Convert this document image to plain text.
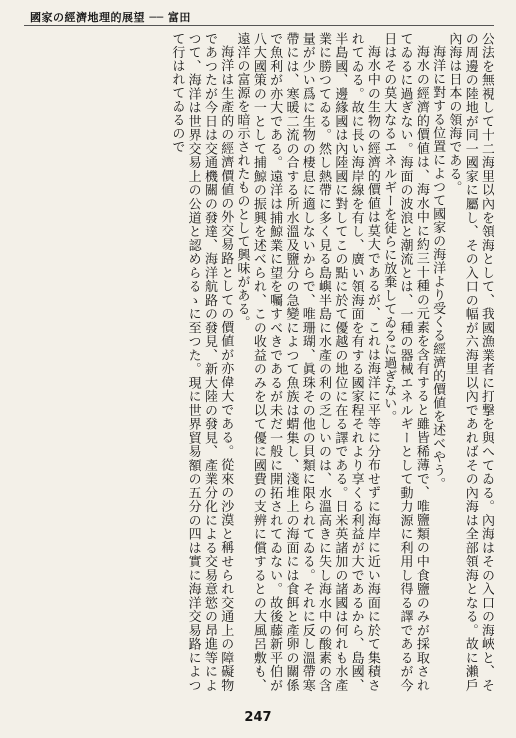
國家の經濟地理的展望 ── 富田

公法を無視して十二海里以內を領海として、我國漁業者に打撃を與へてゐる。內海はその入口の海峽と、その周邊の陸地が同一國家に屬し、その入口の幅が六海里以內であればその內海は全部領海となる。故に瀨戶內海は日本の領海である。

海洋に對する位置によつて國家の海洋より受くる經濟的價値を述べやう。

海水の經濟的價値は、海水中に約三十種の元素を含有すると雖皆稀薄で、唯鹽類の中食鹽のみが採取されてゐるに過ぎない。海面の波浪と潮流とは、一種の器械エネルギーとして動力源に利用し得る譯であるが今日はその莫大なるエネルギーを徒らに放棄してゐるに過ぎない。

海水中の生物の經濟的價値は莫大であるが、これは海洋に平等に分布せずに海岸に近い海面に於て集積されてゐる。故に長い海岸線を有し、廣い領海面を有する國家程それより享くる利益が大であるから、島國、半島國、邊緣國は內陸國に對してこの點に於て優越の地位に在る譯である。日米英諸加の諸國は何れも水產業に勝つてゐる。然し熱帶に多く見る島嶼半島に水產の利の乏しいのは、水溫高きに失し海水中の酸素の含量が少い爲に生物の棲息に適しないからで、唯珊瑚、眞珠その他の貝類に限られてゐる。それに反し溫帶寒帶には、寒暖二流の合する所水溫及鹽分の急變によつて魚族は蝟集し、淺堆上の海面には食餌と產卵の關係で魚利が亦大である。遠洋は捕鯨業に望を囑すべきであるが未だ一般に開拓されてゐない。故後藤新平伯が八大國策の一として捕鯨の振興を述べられ、この收益のみを以て優に國費の支辨に償するとの大風呂敷も、遠洋の富源を暗示されたものとして興味がある。

海洋は生產的の經濟價値の外交易路としての價値が亦偉大である。從來の沙漠と稱せられ交通上の障礙物であつたが今日は交通機關の發達、海洋航路の發見、新大陸の發見、產業分化による交易意慾の昂進等によつて、海洋は世界交易上の公道と認めらるゝに至つた。現に世界貿易額の五分の四は實に海洋交易路によつて行はれてゐるので

247
